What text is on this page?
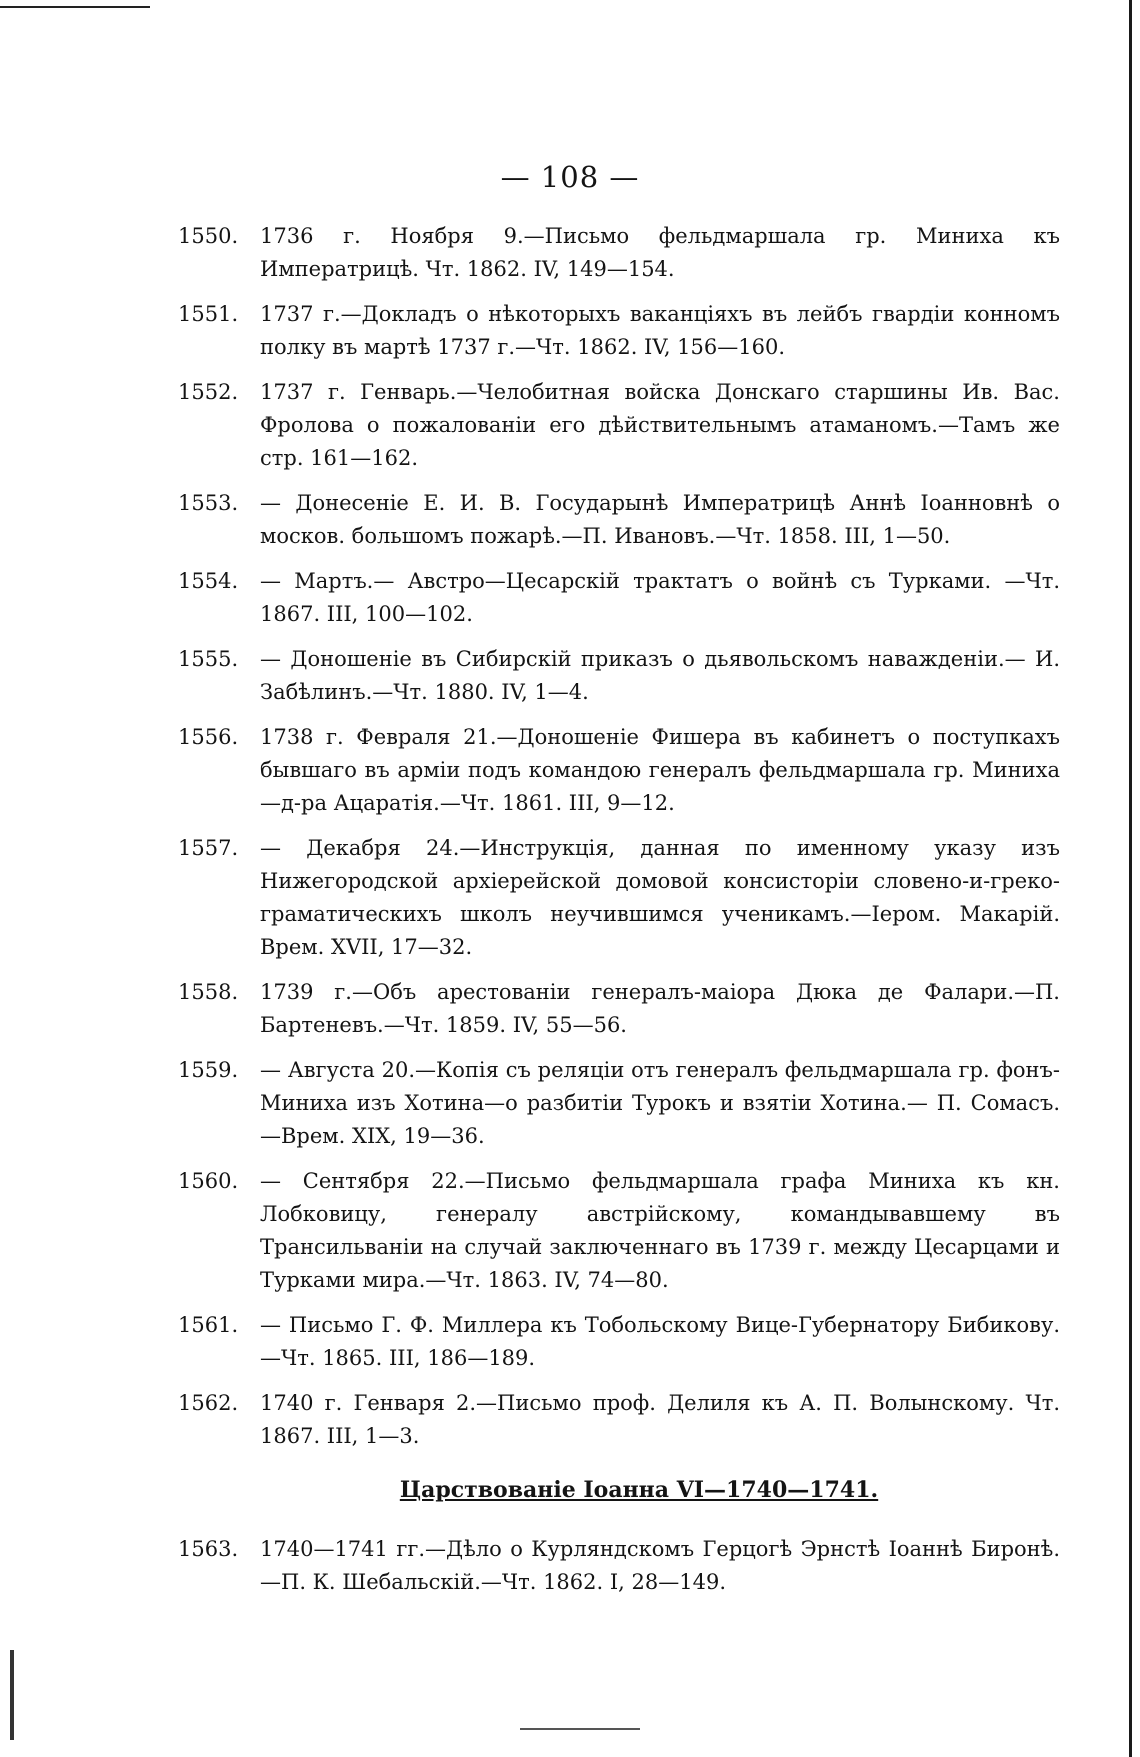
— 108 —
1550.	1736 г. Ноября 9.—Письмо фельдмаршала гр. Миниха къ Императрицѣ. Чт. 1862. IV, 149—154.
1551.	1737 г.—Докладъ о нѣкоторыхъ ваканціяхъ въ лейбъ гвардіи конномъ полку въ мартѣ 1737 г.—Чт. 1862. IV, 156—160.
1552.	1737 г. Генварь.—Челобитная войска Донскаго старшины Ив. Вас. Фролова о пожалованіи его дѣйствительнымъ атаманомъ.—Тамъ же стр. 161—162.
1553.	— Донесеніе Е. И. В. Государынѣ Императрицѣ Аннѣ Іоанновнѣ о москов. большомъ пожарѣ.—П. Ивановъ.—Чт. 1858. III, 1—50.
1554.	— Мартъ.— Австро—Цесарскій трактатъ о войнѣ съ Турками. —Чт. 1867. III, 100—102.
1555.	— Доношеніе въ Сибирскій приказъ о дьявольскомъ наважденіи.— И. Забѣлинъ.—Чт. 1880. IV, 1—4.
1556.	1738 г. Февраля 21.—Доношеніе Фишера въ кабинетъ о поступкахъ бывшаго въ арміи подъ командою генералъ фельдмаршала гр. Миниха—д-ра Ацаратія.—Чт. 1861. III, 9—12.
1557.	— Декабря 24.—Инструкція, данная по именному указу изъ Нижегородской архіерейской домовой консисторіи словено-и-греко-граматическихъ школъ неучившимся ученикамъ.—Іером. Макарій. Врем. XVII, 17—32.
1558.	1739 г.—Объ арестованіи генералъ-маіора Дюка де Фалари.—П. Бартеневъ.—Чт. 1859. IV, 55—56.
1559.	— Августа 20.—Копія съ реляціи отъ генералъ фельдмаршала гр. фонъ-Миниха изъ Хотина—о разбитіи Турокъ и взятіи Хотина.— П. Сомасъ.—Врем. XIX, 19—36.
1560.	— Сентября 22.—Письмо фельдмаршала графа Миниха къ кн. Лобковицу, генералу австрійскому, командывавшему въ Трансильваніи на случай заключеннаго въ 1739 г. между Цесарцами и Турками мира.—Чт. 1863. IV, 74—80.
1561.	— Письмо Г. Ф. Миллера къ Тобольскому Вице-Губернатору Бибикову.—Чт. 1865. III, 186—189.
1562.	1740 г. Генваря 2.—Письмо проф. Делиля къ А. П. Волынскому. Чт. 1867. III, 1—3.
Царствованіе Іоанна VI—1740—1741.
1563.	1740—1741 гг.—Дѣло о Курляндскомъ Герцогѣ Эрнстѣ Іоаннѣ Биронѣ.—П. К. Шебальскій.—Чт. 1862. I, 28—149.
